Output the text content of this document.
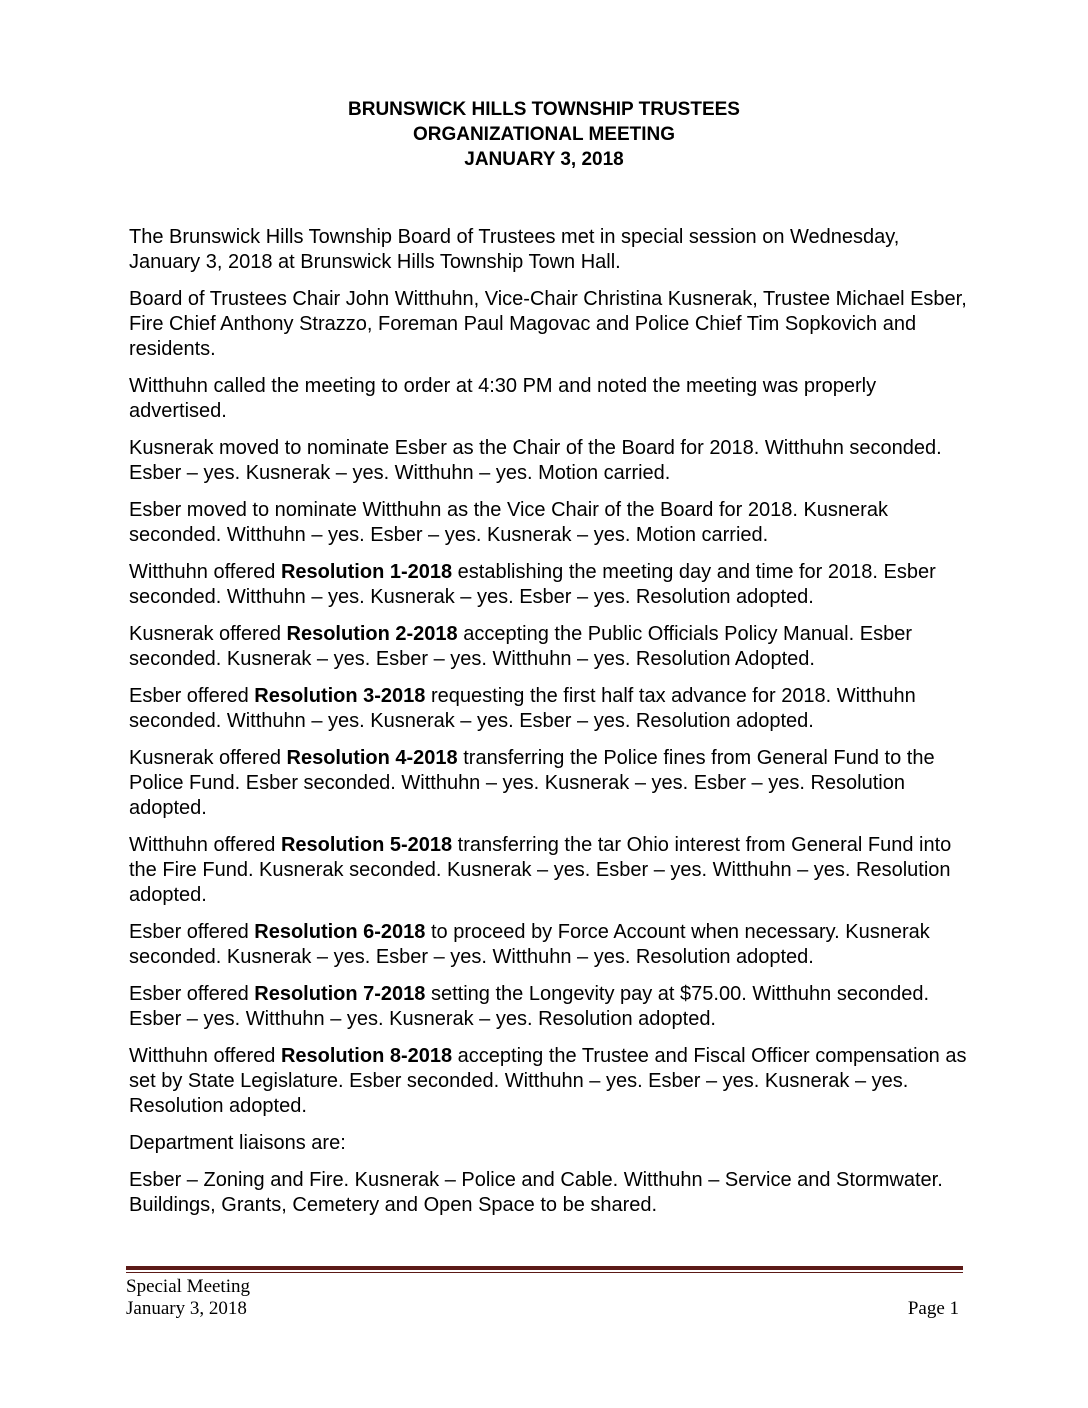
BRUNSWICK HILLS TOWNSHIP TRUSTEES
ORGANIZATIONAL MEETING
JANUARY 3, 2018

The Brunswick Hills Township Board of Trustees met in special session on Wednesday, January 3, 2018 at Brunswick Hills Township Town Hall.

Board of Trustees Chair John Witthuhn, Vice-Chair Christina Kusnerak, Trustee Michael Esber, Fire Chief Anthony Strazzo, Foreman Paul Magovac and Police Chief Tim Sopkovich and residents.

Witthuhn called the meeting to order at 4:30 PM and noted the meeting was properly advertised.

Kusnerak moved to nominate Esber as the Chair of the Board for 2018. Witthuhn seconded. Esber – yes. Kusnerak – yes. Witthuhn – yes. Motion carried.

Esber moved to nominate Witthuhn as the Vice Chair of the Board for 2018. Kusnerak seconded. Witthuhn – yes. Esber – yes. Kusnerak – yes. Motion carried.

Witthuhn offered Resolution 1-2018 establishing the meeting day and time for 2018. Esber seconded. Witthuhn – yes. Kusnerak – yes. Esber – yes. Resolution adopted.

Kusnerak offered Resolution 2-2018 accepting the Public Officials Policy Manual. Esber seconded. Kusnerak – yes. Esber – yes. Witthuhn – yes. Resolution Adopted.

Esber offered Resolution 3-2018 requesting the first half tax advance for 2018. Witthuhn seconded. Witthuhn – yes. Kusnerak – yes. Esber – yes. Resolution adopted.

Kusnerak offered Resolution 4-2018 transferring the Police fines from General Fund to the Police Fund. Esber seconded. Witthuhn – yes. Kusnerak – yes. Esber – yes. Resolution adopted.

Witthuhn offered Resolution 5-2018 transferring the tar Ohio interest from General Fund into the Fire Fund. Kusnerak seconded. Kusnerak – yes. Esber – yes. Witthuhn – yes. Resolution adopted.

Esber offered Resolution 6-2018 to proceed by Force Account when necessary. Kusnerak seconded. Kusnerak – yes. Esber – yes. Witthuhn – yes. Resolution adopted.

Esber offered Resolution 7-2018 setting the Longevity pay at $75.00. Witthuhn seconded. Esber – yes. Witthuhn – yes. Kusnerak – yes. Resolution adopted.

Witthuhn offered Resolution 8-2018 accepting the Trustee and Fiscal Officer compensation as set by State Legislature. Esber seconded. Witthuhn – yes. Esber – yes. Kusnerak – yes. Resolution adopted.

Department liaisons are:

Esber – Zoning and Fire. Kusnerak – Police and Cable. Witthuhn – Service and Stormwater. Buildings, Grants, Cemetery and Open Space to be shared.

Special Meeting
January 3, 2018	Page 1
